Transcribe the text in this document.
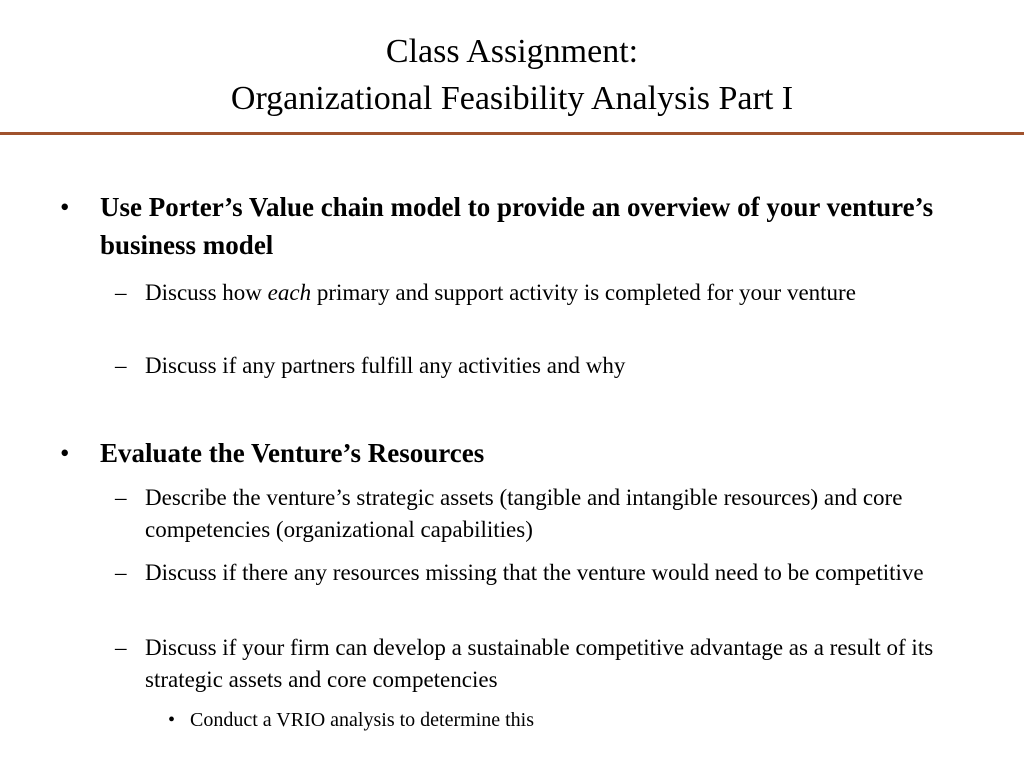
Class Assignment:
Organizational Feasibility Analysis Part I
• Use Porter’s Value chain model to provide an overview of your venture’s business model
– Discuss how each primary and support activity is completed for your venture
– Discuss if any partners fulfill any activities and why
• Evaluate the Venture’s Resources
– Describe the venture’s strategic assets (tangible and intangible resources) and core competencies (organizational capabilities)
– Discuss if there any resources missing that the venture would need to be competitive
– Discuss if your firm can develop a sustainable competitive advantage as a result of its strategic assets and core competencies
• Conduct a VRIO analysis to determine this
